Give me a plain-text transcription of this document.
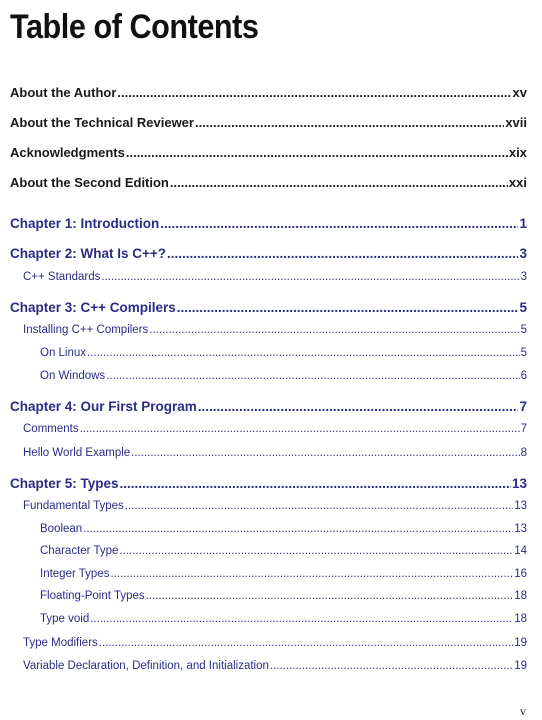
Table of Contents
About the Author .....	xv
About the Technical Reviewer .....	xvii
Acknowledgments .....	xix
About the Second Edition .....	xxi
Chapter 1: Introduction .....	1
Chapter 2: What Is C++? .....	3
C++ Standards .....	3
Chapter 3: C++ Compilers .....	5
Installing C++ Compilers .....	5
On Linux .....	5
On Windows .....	6
Chapter 4: Our First Program .....	7
Comments .....	7
Hello World Example .....	8
Chapter 5: Types .....	13
Fundamental Types .....	13
Boolean .....	13
Character Type .....	14
Integer Types .....	16
Floating-Point Types .....	18
Type void .....	18
Type Modifiers .....	19
Variable Declaration, Definition, and Initialization .....	19
v
